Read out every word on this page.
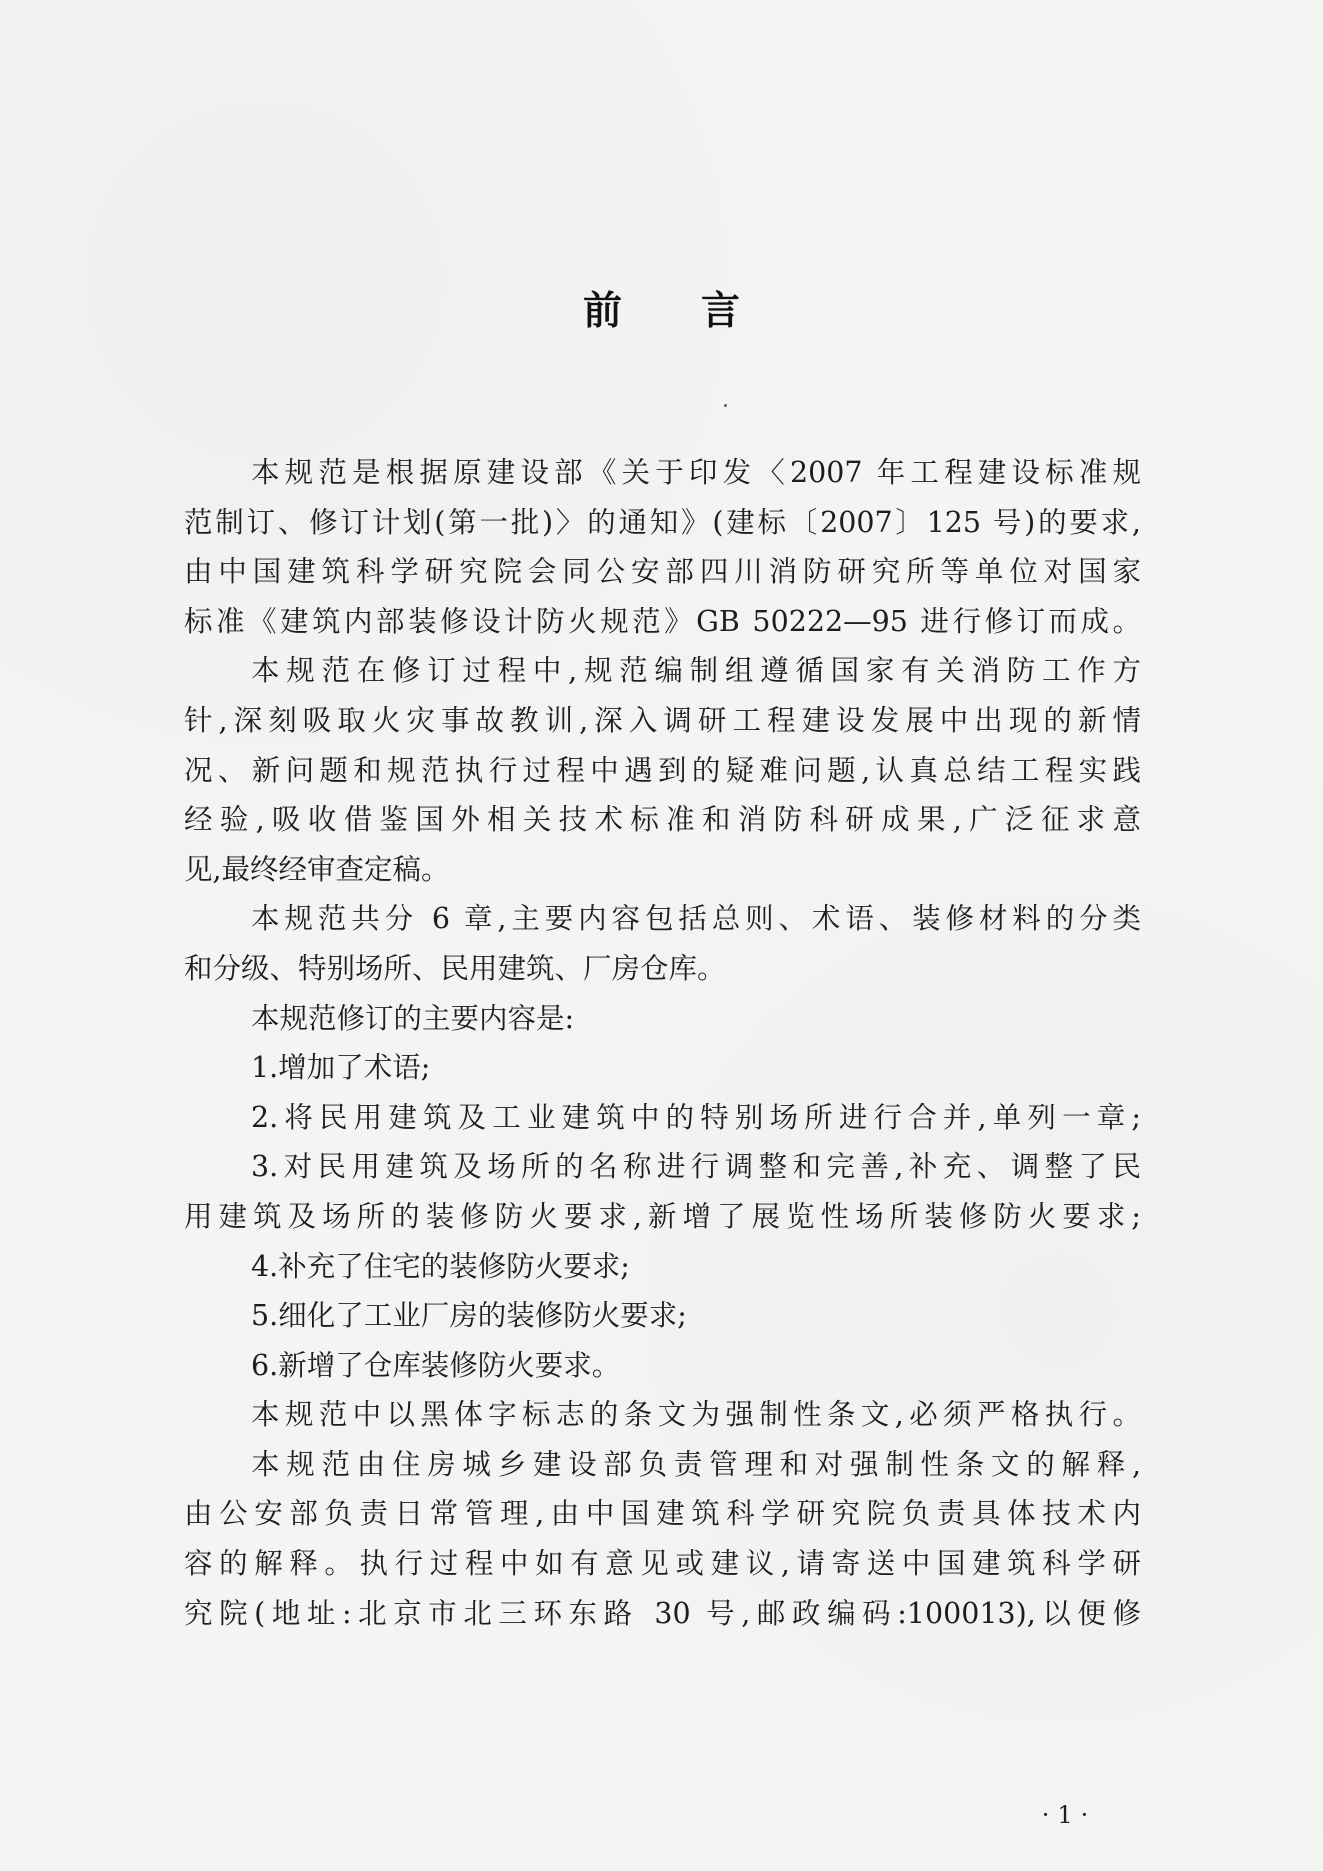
前言
本规范是根据原建设部《关于印发〈2007 年工程建设标准规
范制订、修订计划(第一批)〉的通知》(建标〔2007〕125 号)的要求,
由中国建筑科学研究院会同公安部四川消防研究所等单位对国家
标准《建筑内部装修设计防火规范》GB 50222—95 进行修订而成。
本规范在修订过程中,规范编制组遵循国家有关消防工作方
针,深刻吸取火灾事故教训,深入调研工程建设发展中出现的新情
况、新问题和规范执行过程中遇到的疑难问题,认真总结工程实践
经验,吸收借鉴国外相关技术标准和消防科研成果,广泛征求意
见,最终经审查定稿。
本规范共分 6 章,主要内容包括总则、术语、装修材料的分类
和分级、特别场所、民用建筑、厂房仓库。
本规范修订的主要内容是:
1.增加了术语;
2.将民用建筑及工业建筑中的特别场所进行合并,单列一章;
3.对民用建筑及场所的名称进行调整和完善,补充、调整了民
用建筑及场所的装修防火要求,新增了展览性场所装修防火要求;
4.补充了住宅的装修防火要求;
5.细化了工业厂房的装修防火要求;
6.新增了仓库装修防火要求。
本规范中以黑体字标志的条文为强制性条文,必须严格执行。
本规范由住房城乡建设部负责管理和对强制性条文的解释,
由公安部负责日常管理,由中国建筑科学研究院负责具体技术内
容的解释。执行过程中如有意见或建议,请寄送中国建筑科学研
究院(地址:北京市北三环东路 30 号,邮政编码:100013),以便修
·1·
